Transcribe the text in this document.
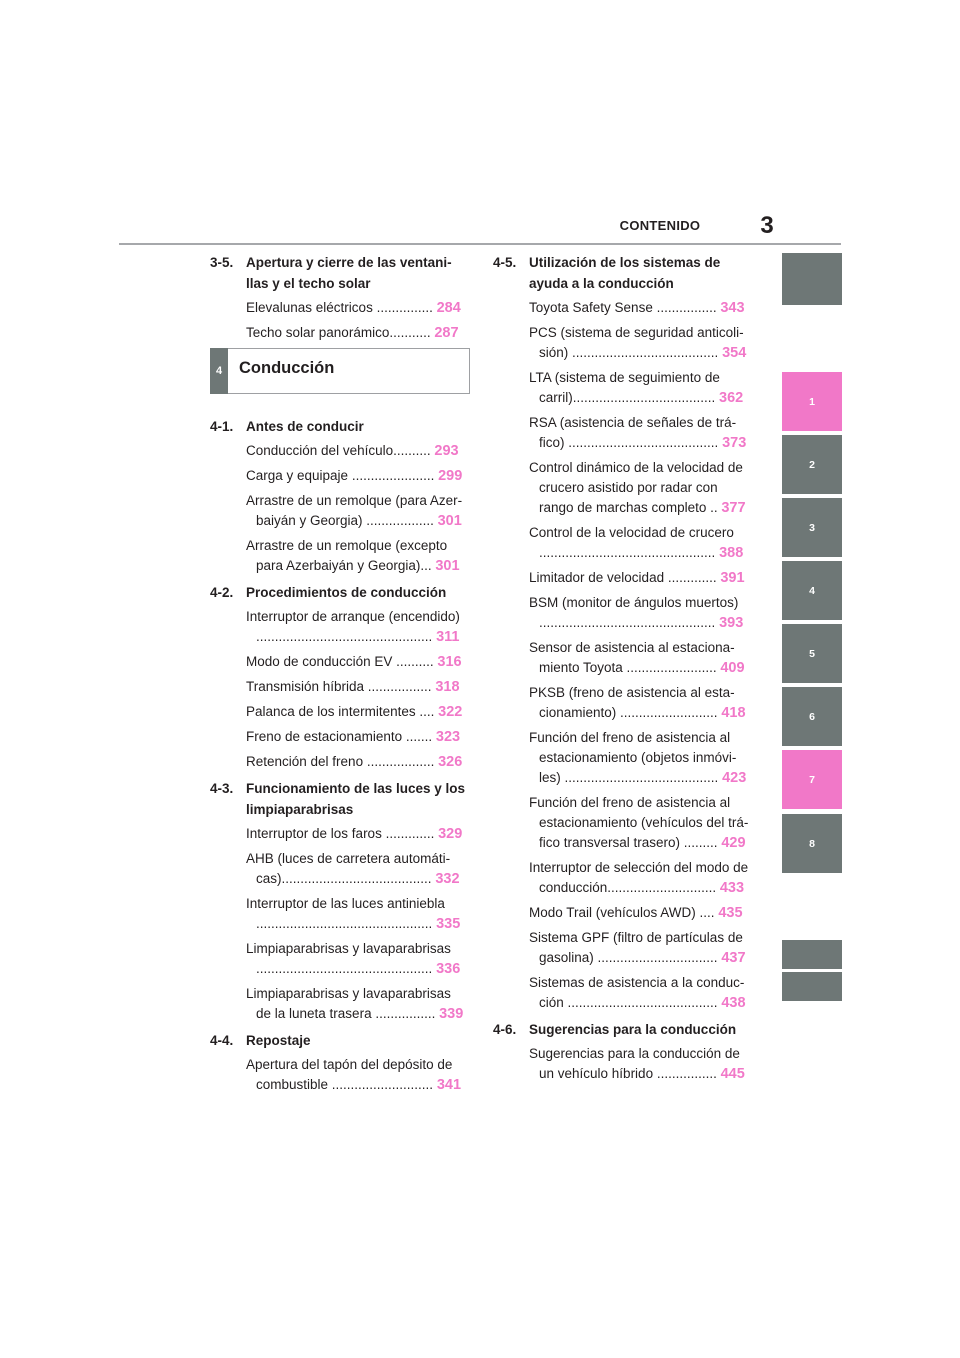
CONTENIDO	3
3-5. Apertura y cierre de las ventani-
llas y el techo solar
Elevalunas eléctricos ............... 284
Techo solar panorámico........... 287
4	Conducción
4-1. Antes de conducir
Conducción del vehículo.......... 293
Carga y equipaje ...................... 299
Arrastre de un remolque (para Azer-
baiyán y Georgia) .................. 301
Arrastre de un remolque (excepto
para Azerbaiyán y Georgia)... 301
4-2. Procedimientos de conducción
Interruptor de arranque (encendido)
............................................... 311
Modo de conducción EV .......... 316
Transmisión híbrida ................. 318
Palanca de los intermitentes .... 322
Freno de estacionamiento ....... 323
Retención del freno .................. 326
4-3. Funcionamiento de las luces y los
limpiaparabrisas
Interruptor de los faros ............. 329
AHB (luces de carretera automáti-
cas)........................................ 332
Interruptor de las luces antiniebla
............................................... 335
Limpiaparabrisas y lavaparabrisas
............................................... 336
Limpiaparabrisas y lavaparabrisas
de la luneta trasera ................ 339
4-4. Repostaje
Apertura del tapón del depósito de
combustible ........................... 341
4-5. Utilización de los sistemas de
ayuda a la conducción
Toyota Safety Sense ................ 343
PCS (sistema de seguridad anticoli-
sión) ....................................... 354
LTA (sistema de seguimiento de
carril)...................................... 362
RSA (asistencia de señales de trá-
fico) ........................................ 373
Control dinámico de la velocidad de
crucero asistido por radar con
rango de marchas completo .. 377
Control de la velocidad de crucero
............................................... 388
Limitador de velocidad ............. 391
BSM (monitor de ángulos muertos)
............................................... 393
Sensor de asistencia al estaciona-
miento Toyota ........................ 409
PKSB (freno de asistencia al esta-
cionamiento) .......................... 418
Función del freno de asistencia al
estacionamiento (objetos inmóvi-
les) ......................................... 423
Función del freno de asistencia al
estacionamiento (vehículos del trá-
fico transversal trasero) ......... 429
Interruptor de selección del modo de
conducción............................. 433
Modo Trail (vehículos AWD) .... 435
Sistema GPF (filtro de partículas de
gasolina) ................................ 437
Sistemas de asistencia a la conduc-
ción ........................................ 438
4-6. Sugerencias para la conducción
Sugerencias para la conducción de
un vehículo híbrido ................ 445
1
2
3
4
5
6
7
8
